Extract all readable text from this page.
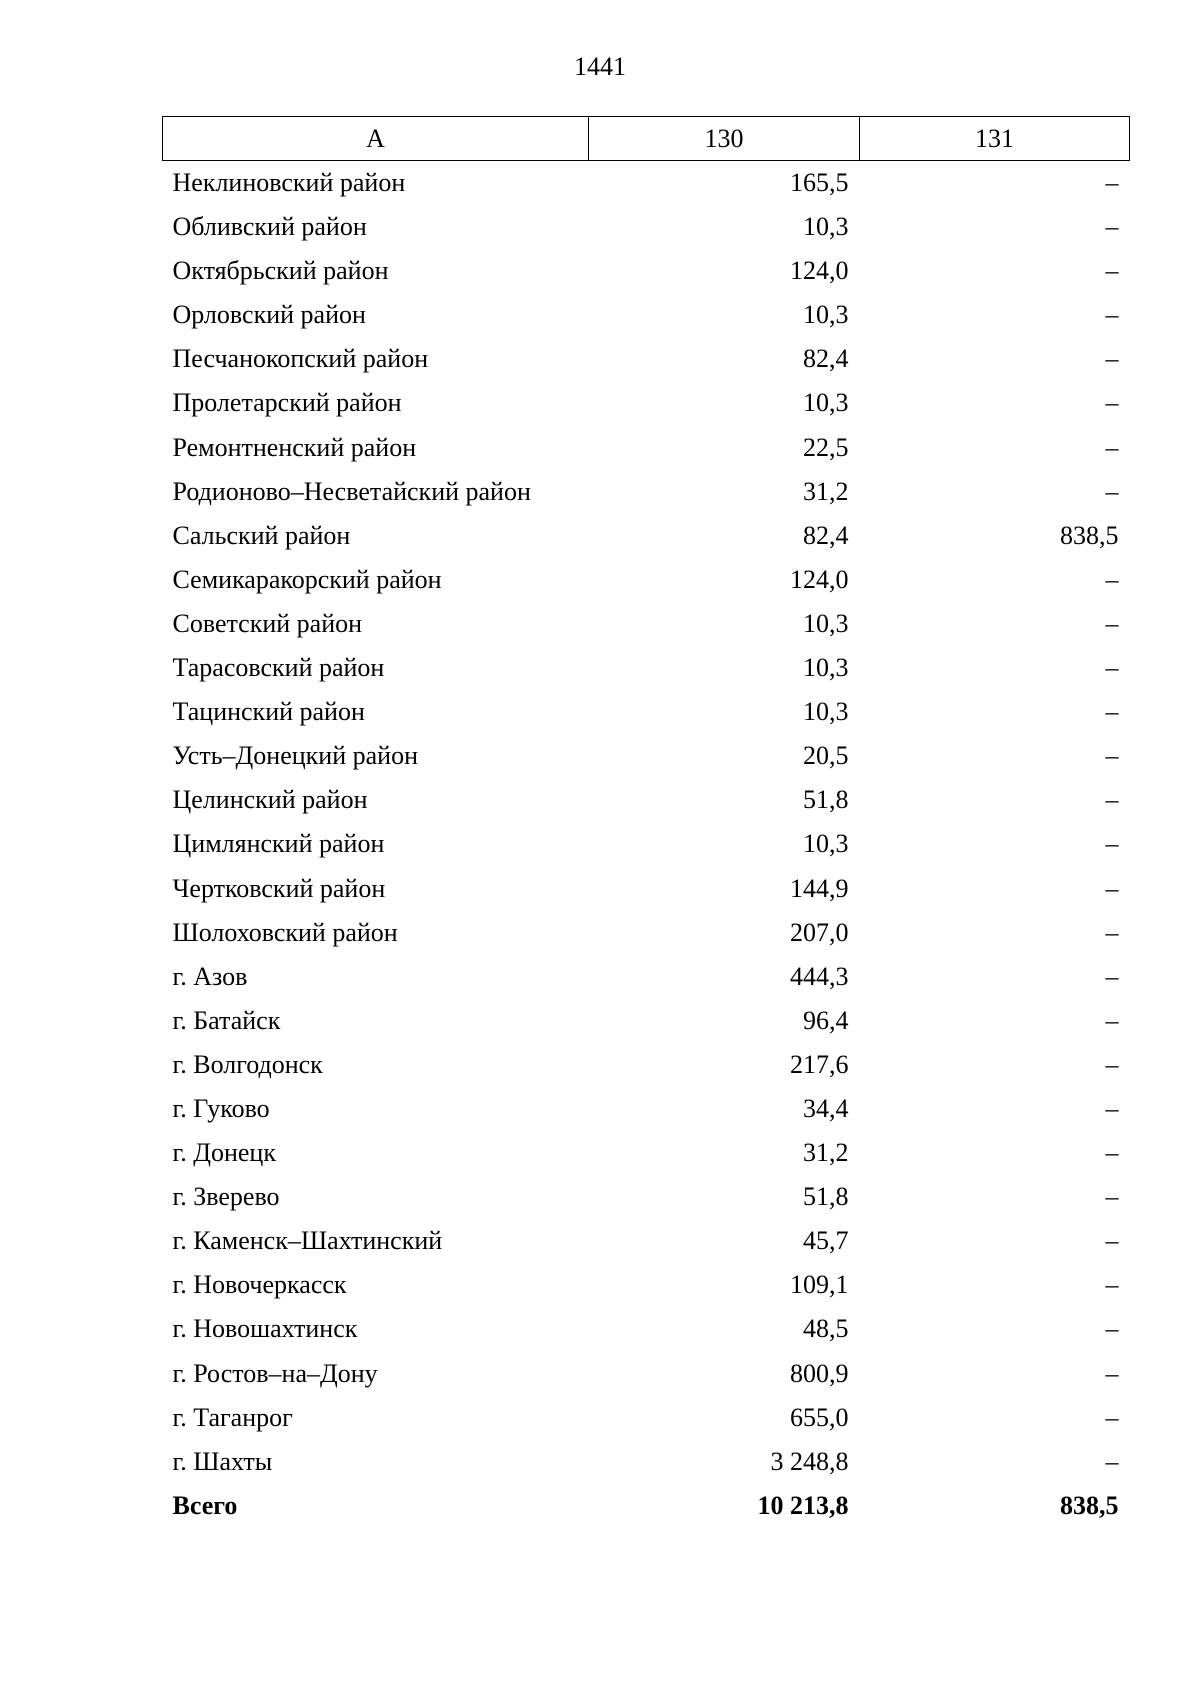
1441
А	130	131
Неклиновский район	165,5	–
Обливский район	10,3	–
Октябрьский район	124,0	–
Орловский район	10,3	–
Песчанокопский район	82,4	–
Пролетарский район	10,3	–
Ремонтненский район	22,5	–
Родионово–Несветайский район	31,2	–
Сальский район	82,4	838,5
Семикаракорский район	124,0	–
Советский район	10,3	–
Тарасовский район	10,3	–
Тацинский район	10,3	–
Усть–Донецкий район	20,5	–
Целинский район	51,8	–
Цимлянский район	10,3	–
Чертковский район	144,9	–
Шолоховский район	207,0	–
г. Азов	444,3	–
г. Батайск	96,4	–
г. Волгодонск	217,6	–
г. Гуково	34,4	–
г. Донецк	31,2	–
г. Зверево	51,8	–
г. Каменск–Шахтинский	45,7	–
г. Новочеркасск	109,1	–
г. Новошахтинск	48,5	–
г. Ростов–на–Дону	800,9	–
г. Таганрог	655,0	–
г. Шахты	3 248,8	–
Всего	10 213,8	838,5
